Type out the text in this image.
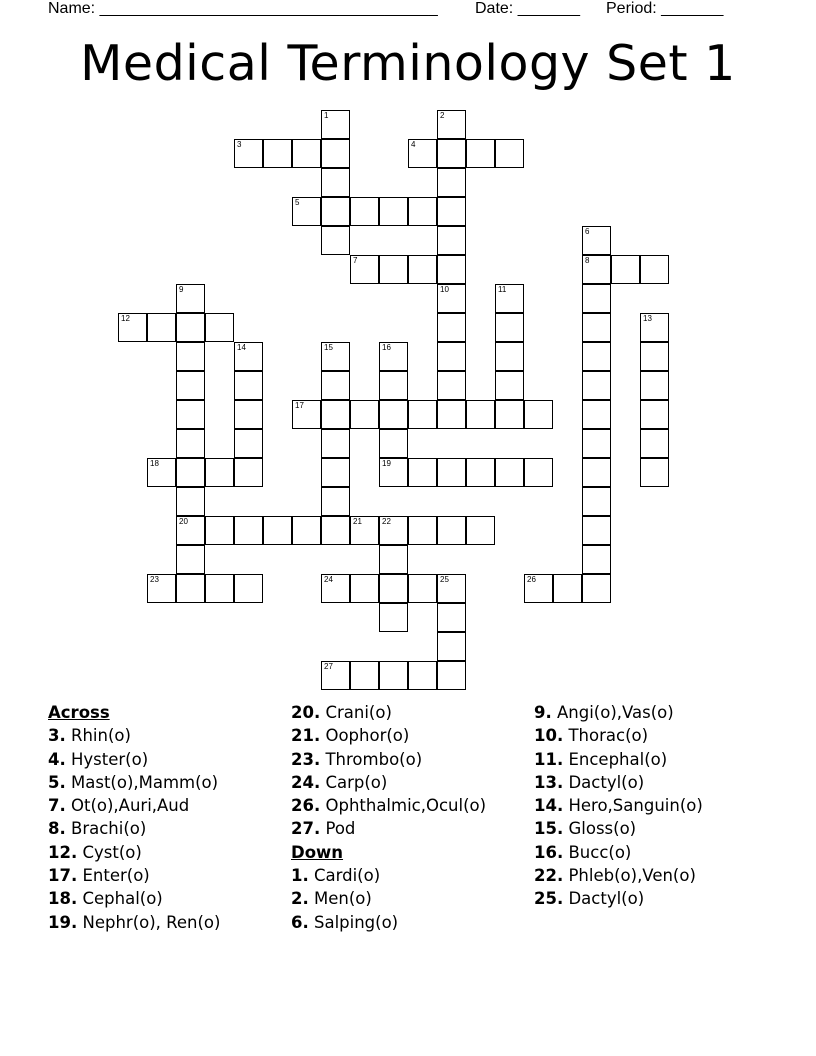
Name: ______________________________________ Date: _______ Period: _______
Medical Terminology Set 1
3	4
5
7	8
12
17
18	19
20	21	22
23	24	25	26
27
1	2
6
9	10	11
13
14	15	16
Across
3. Rhin(o)
4. Hyster(o)
5. Mast(o),Mamm(o)
7. Ot(o),Auri,Aud
8. Brachi(o)
12. Cyst(o)
17. Enter(o)
18. Cephal(o)
19. Nephr(o), Ren(o)
20. Crani(o)
21. Oophor(o)
23. Thrombo(o)
24. Carp(o)
26. Ophthalmic,Ocul(o)
27. Pod
Down
1. Cardi(o)
2. Men(o)
6. Salping(o)
9. Angi(o),Vas(o)
10. Thorac(o)
11. Encephal(o)
13. Dactyl(o)
14. Hero,Sanguin(o)
15. Gloss(o)
16. Bucc(o)
22. Phleb(o),Ven(o)
25. Dactyl(o)
